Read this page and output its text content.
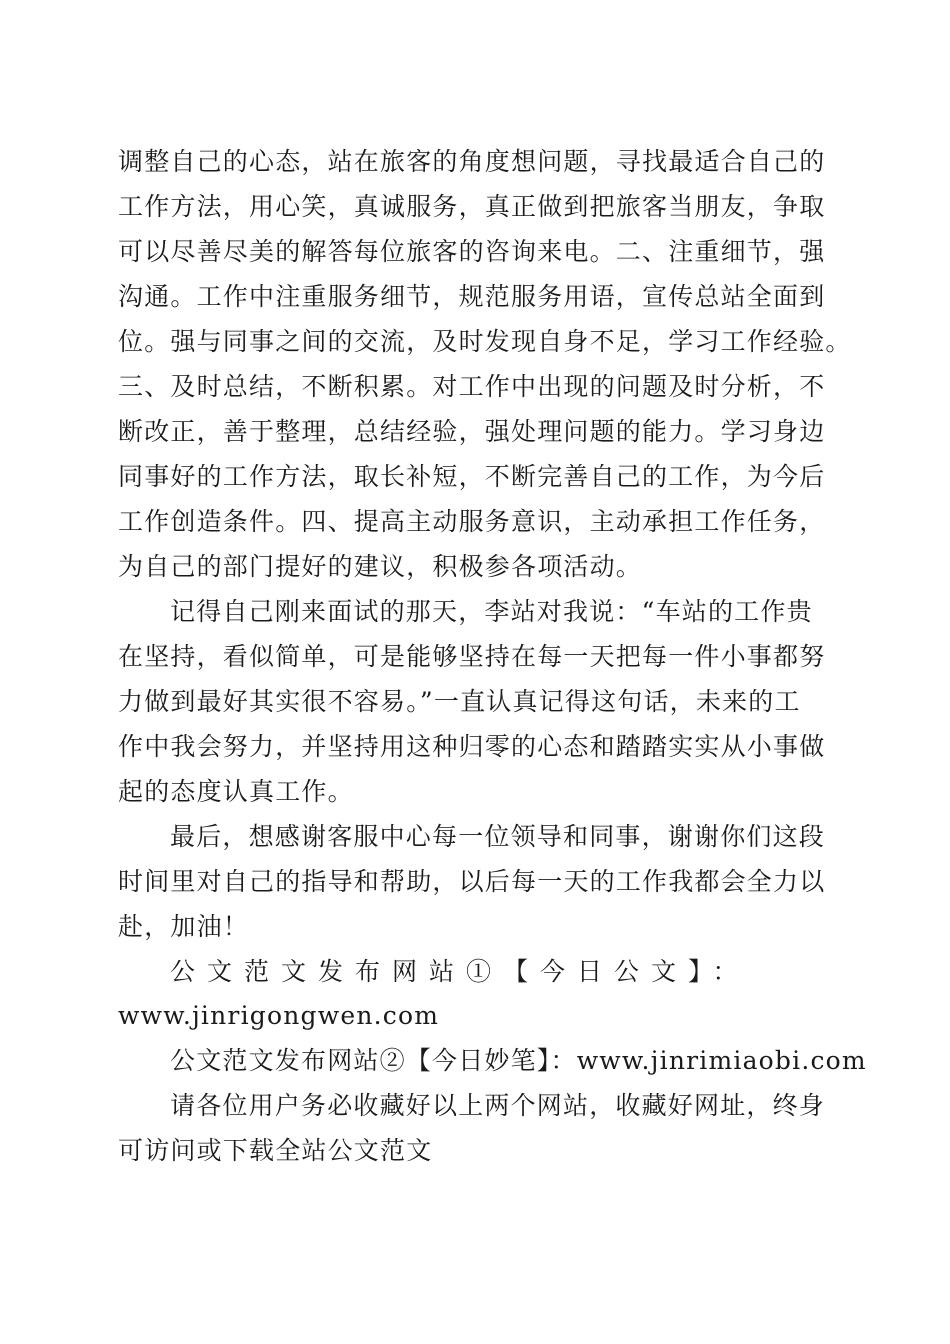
调整自己的心态，站在旅客的角度想问题，寻找最适合自己的
工作方法，用心笑，真诚服务，真正做到把旅客当朋友，争取
可以尽善尽美的解答每位旅客的咨询来电。二、注重细节，强
沟通。工作中注重服务细节，规范服务用语，宣传总站全面到
位。强与同事之间的交流，及时发现自身不足，学习工作经验。
三、及时总结，不断积累。对工作中出现的问题及时分析，不
断改正，善于整理，总结经验，强处理问题的能力。学习身边
同事好的工作方法，取长补短，不断完善自己的工作，为今后
工作创造条件。四、提高主动服务意识，主动承担工作任务，
为自己的部门提好的建议，积极参各项活动。
记得自己刚来面试的那天，李站对我说：“车站的工作贵
在坚持，看似简单，可是能够坚持在每一天把每一件小事都努
力做到最好其实很不容易。”一直认真记得这句话，未来的工
作中我会努力，并坚持用这种归零的心态和踏踏实实从小事做
起的态度认真工作。
最后，想感谢客服中心每一位领导和同事，谢谢你们这段
时间里对自己的指导和帮助，以后每一天的工作我都会全力以
赴，加油！
公文范文发布网站①【今日公文】：
www.jinrigongwen.com
公文范文发布网站②【今日妙笔】：www.jinrimiaobi.com
请各位用户务必收藏好以上两个网站，收藏好网址，终身
可访问或下载全站公文范文
